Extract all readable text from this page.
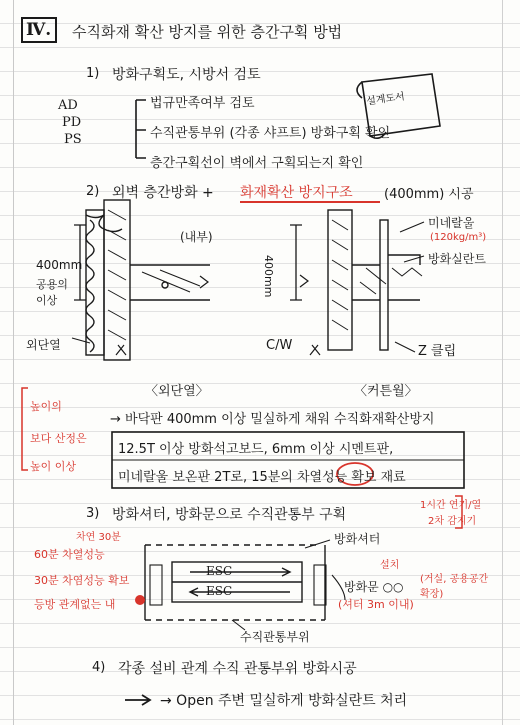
Ⅳ. 수직화재 확산 방지를 위한 층간구획 방법
1) 방화구획도, 시방서 검토
설계도서
AD
PD
PS
법규만족여부 검토
수직관통부위 (각종 샤프트) 방화구획 확인
층간구획선이 벽에서 구획되는지 확인
2) 외벽 층간방화 + 화재확산 방지구조 (400mm) 시공
(내부)
400mm
공용의 이상
400mm
외단열	C/W	Z 클립
미네랄울
(120kg/m³)
방화실란트
〈외단열〉	〈커튼월〉
높이의
보다 산정은
높이 이상
→ 바닥판 400mm 이상 밀실하게 채워 수직화재확산방지
12.5T 이상 방화석고보드, 6mm 이상 시멘트판,
미네랄울 보온판 2T로, 15분의 차열성능 확보 재료
3) 방화셔터, 방화문으로 수직관통부 구획
1시간 연기/열
2차 감지기
차연 30분
60분 차열성능
30분 차염성능 확보
등방 관계없는 내
방화셔터
방화문 ○○
(셔터 3m 이내)
설치
(거실, 공용공간 확장)
ESC
ESC
수직관통부위
4) 각종 설비 관계 수직 관통부위 방화시공
→ Open 주변 밀실하게 방화실란트 처리
